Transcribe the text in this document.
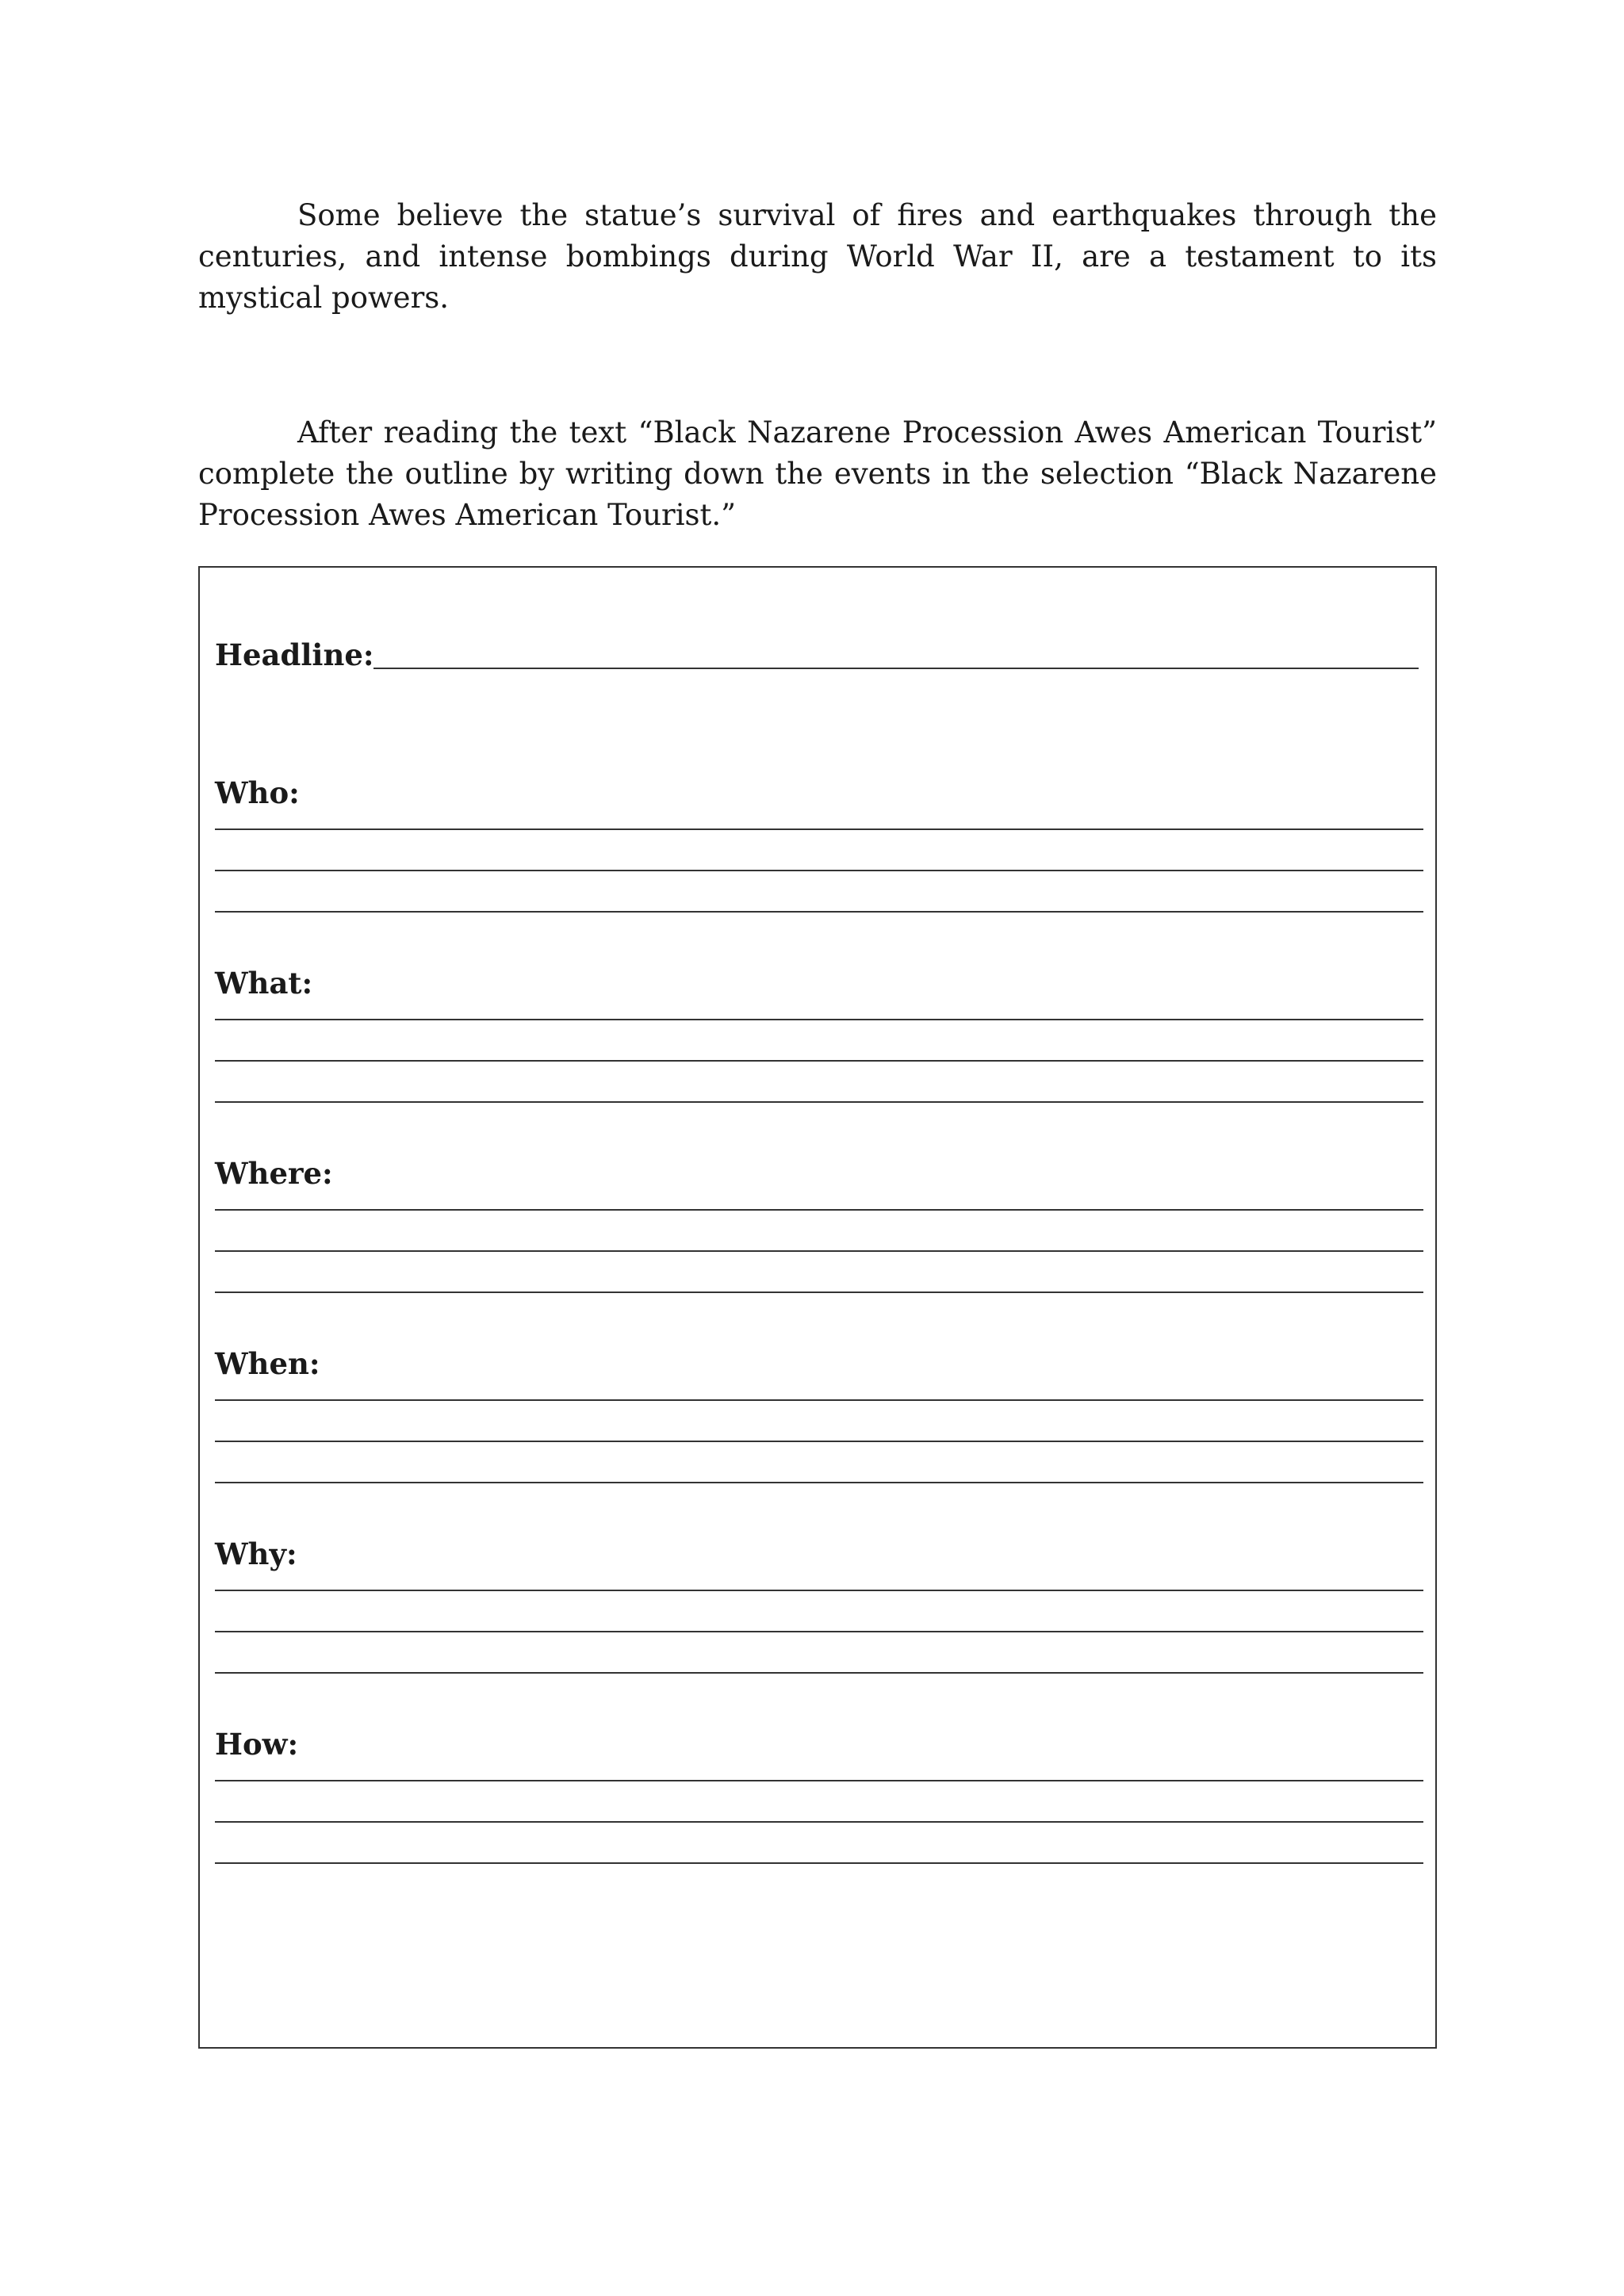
Some believe the statue’s survival of fires and earthquakes through the centuries, and intense bombings during World War II, are a testament to its mystical powers.

After reading the text “Black Nazarene Procession Awes American Tourist” complete the outline by writing down the events in the selection “Black Nazarene Procession Awes American Tourist.”

Headline:

Who:

What:

Where:

When:

Why:

How:
